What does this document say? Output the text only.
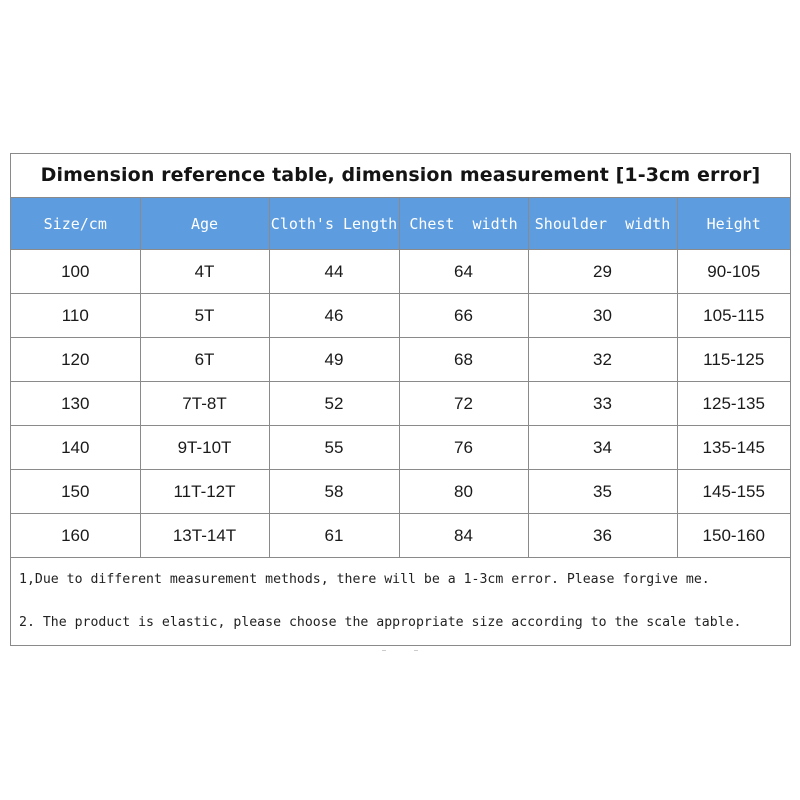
Dimension reference table, dimension measurement [1-3cm error]
Size/cm	Age	Cloth's Length	Chest  width	Shoulder  width	Height
100	4T	44	64	29	90-105
110	5T	46	66	30	105-115
120	6T	49	68	32	115-125
130	7T-8T	52	72	33	125-135
140	9T-10T	55	76	34	135-145
150	11T-12T	58	80	35	145-155
160	13T-14T	61	84	36	150-160
1,Due to different measurement methods, there will be a 1-3cm error. Please forgive me.
2. The product is elastic, please choose the appropriate size according to the scale table.
